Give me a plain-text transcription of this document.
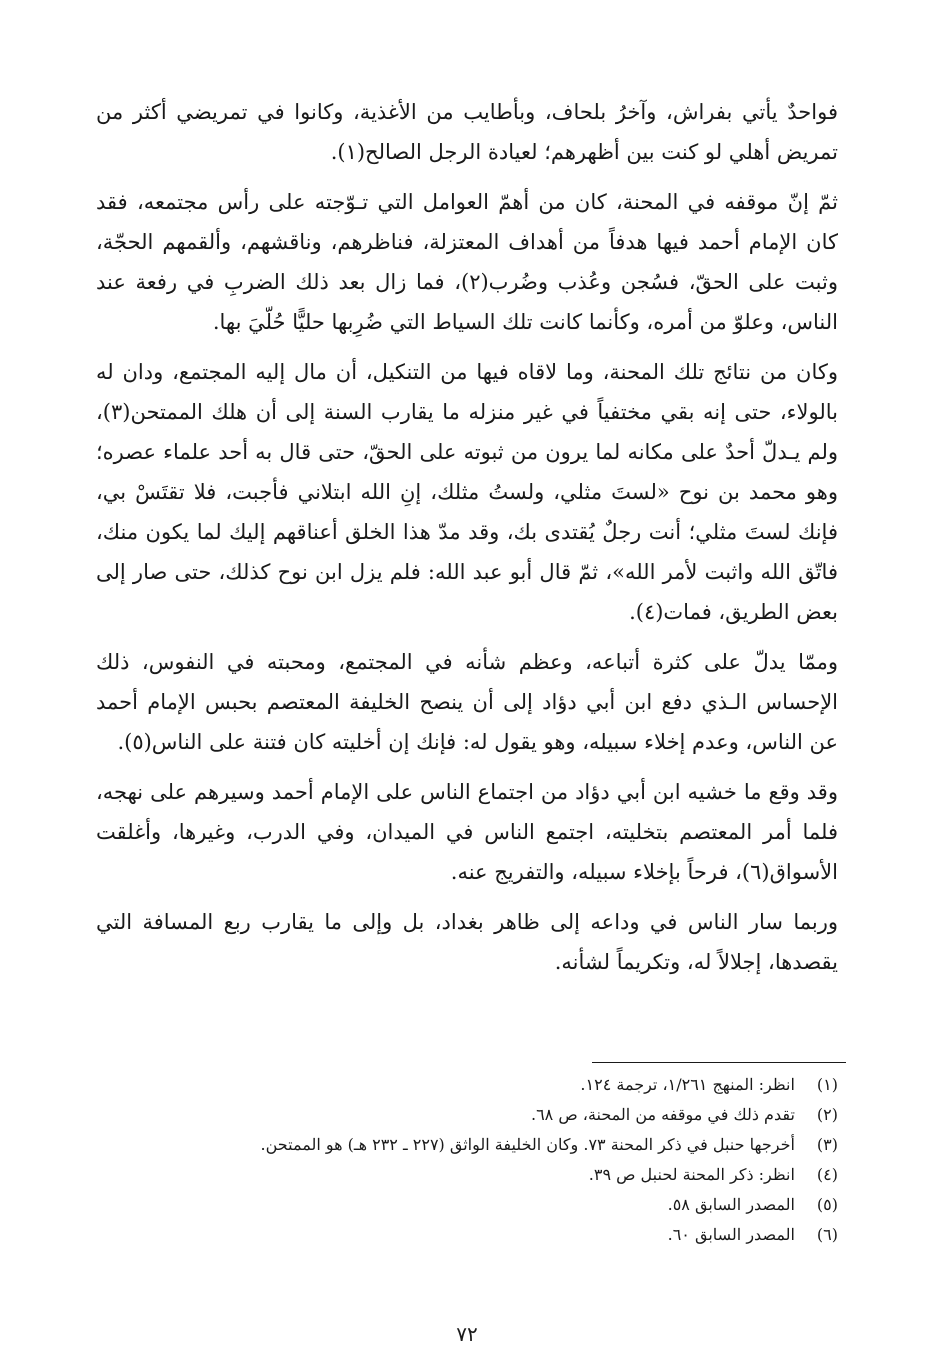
فواحدٌ يأتي بفراش، وآخرُ بلحاف، وبأطايب من الأغذية، وكانوا في تمريضي أكثر من تمريض أهلي لو كنت بين أظهرهم؛ لعيادة الرجل الصالح(١).

ثمّ إنّ موقفه في المحنة، كان من أهمّ العوامل التي تـوّجته على رأس مجتمعه، فقد كان الإمام أحمد فيها هدفاً من أهداف المعتزلة، فناظرهم، وناقشهم، وألقمهم الحجّة، وثبت على الحقّ، فسُجن وعُذب وضُرب(٢)، فما زال بعد ذلك الضربِ في رفعة عند الناس، وعلوّ من أمره، وكأنما كانت تلك السياط التي ضُرِبها حليًّا حُلّيَ بها.

وكان من نتائج تلك المحنة، وما لاقاه فيها من التنكيل، أن مال إليه المجتمع، ودان له بالولاء، حتى إنه بقي مختفياً في غير منزله ما يقارب السنة إلى أن هلك الممتحن(٣)، ولم يـدلّ أحدٌ على مكانه لما يرون من ثبوته على الحقّ، حتى قال به أحد علماء عصره؛ وهو محمد بن نوح «لستَ مثلي، ولستُ مثلك، إنِ الله ابتلاني فأجبت، فلا تقتَسْ بي، فإنك لستَ مثلي؛ أنت رجلٌ يُقتدى بك، وقد مدّ هذا الخلق أعناقهم إليك لما يكون منك، فاتّق الله واثبت لأمر الله»، ثمّ قال أبو عبد الله: فلم يزل ابن نوح كذلك، حتى صار إلى بعض الطريق، فمات(٤).

وممّا يدلّ على كثرة أتباعه، وعظم شأنه في المجتمع، ومحبته في النفوس، ذلك الإحساس الـذي دفع ابن أبي دؤاد إلى أن ينصح الخليفة المعتصم بحبس الإمام أحمد عن الناس، وعدم إخلاء سبيله، وهو يقول له: فإنك إن أخليته كان فتنة على الناس(٥).

وقد وقع ما خشيه ابن أبي دؤاد من اجتماع الناس على الإمام أحمد وسيرهم على نهجه، فلما أمر المعتصم بتخليته، اجتمع الناس في الميدان، وفي الدرب، وغيرها، وأغلقت الأسواق(٦)، فرحاً بإخلاء سبيله، والتفريج عنه.

وربما سار الناس في وداعه إلى ظاهر بغداد، بل وإلى ما يقارب ربع المسافة التي يقصدها، إجلالاً له، وتكريماً لشأنه.

(١) انظر: المنهج ١/٢٦١، ترجمة ١٢٤.
(٢) تقدم ذلك في موقفه من المحنة، ص ٦٨.
(٣) أخرجها حنبل في ذكر المحنة ٧٣. وكان الخليفة الواثق (٢٢٧ ـ ٢٣٢ هـ) هو الممتحن.
(٤) انظر: ذكر المحنة لحنبل ص ٣٩.
(٥) المصدر السابق ٥٨.
(٦) المصدر السابق ٦٠.
٧٢
